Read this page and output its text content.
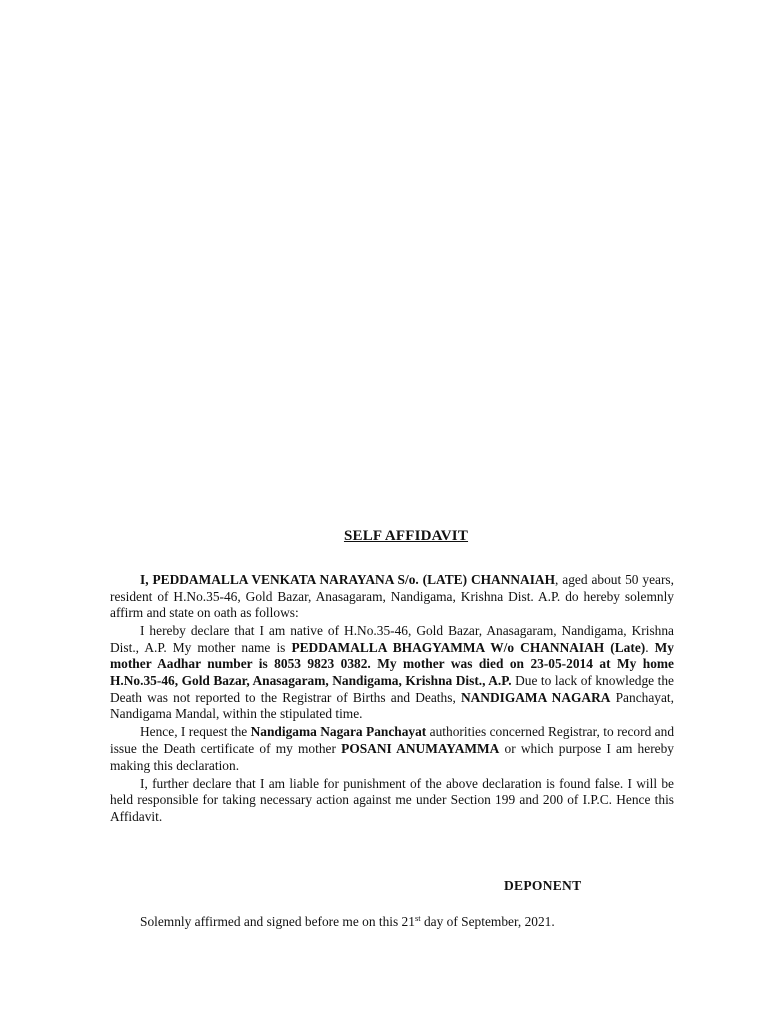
SELF AFFIDAVIT

I, PEDDAMALLA VENKATA NARAYANA S/o. (LATE) CHANNAIAH, aged about 50 years, resident of H.No.35-46, Gold Bazar, Anasagaram, Nandigama, Krishna Dist. A.P. do hereby solemnly affirm and state on oath as follows:

I hereby declare that I am native of H.No.35-46, Gold Bazar, Anasagaram, Nandigama, Krishna Dist., A.P. My mother name is PEDDAMALLA BHAGYAMMA W/o CHANNAIAH (Late). My mother Aadhar number is 8053 9823 0382. My mother was died on 23-05-2014 at My home H.No.35-46, Gold Bazar, Anasagaram, Nandigama, Krishna Dist., A.P. Due to lack of knowledge the Death was not reported to the Registrar of Births and Deaths, NANDIGAMA NAGARA Panchayat, Nandigama Mandal, within the stipulated time.

Hence, I request the Nandigama Nagara Panchayat authorities concerned Registrar, to record and issue the Death certificate of my mother POSANI ANUMAYAMMA or which purpose I am hereby making this declaration.

I, further declare that I am liable for punishment of the above declaration is found false. I will be held responsible for taking necessary action against me under Section 199 and 200 of I.P.C. Hence this Affidavit.

DEPONENT
Solemnly affirmed and signed before me on this 21st day of September, 2021.
